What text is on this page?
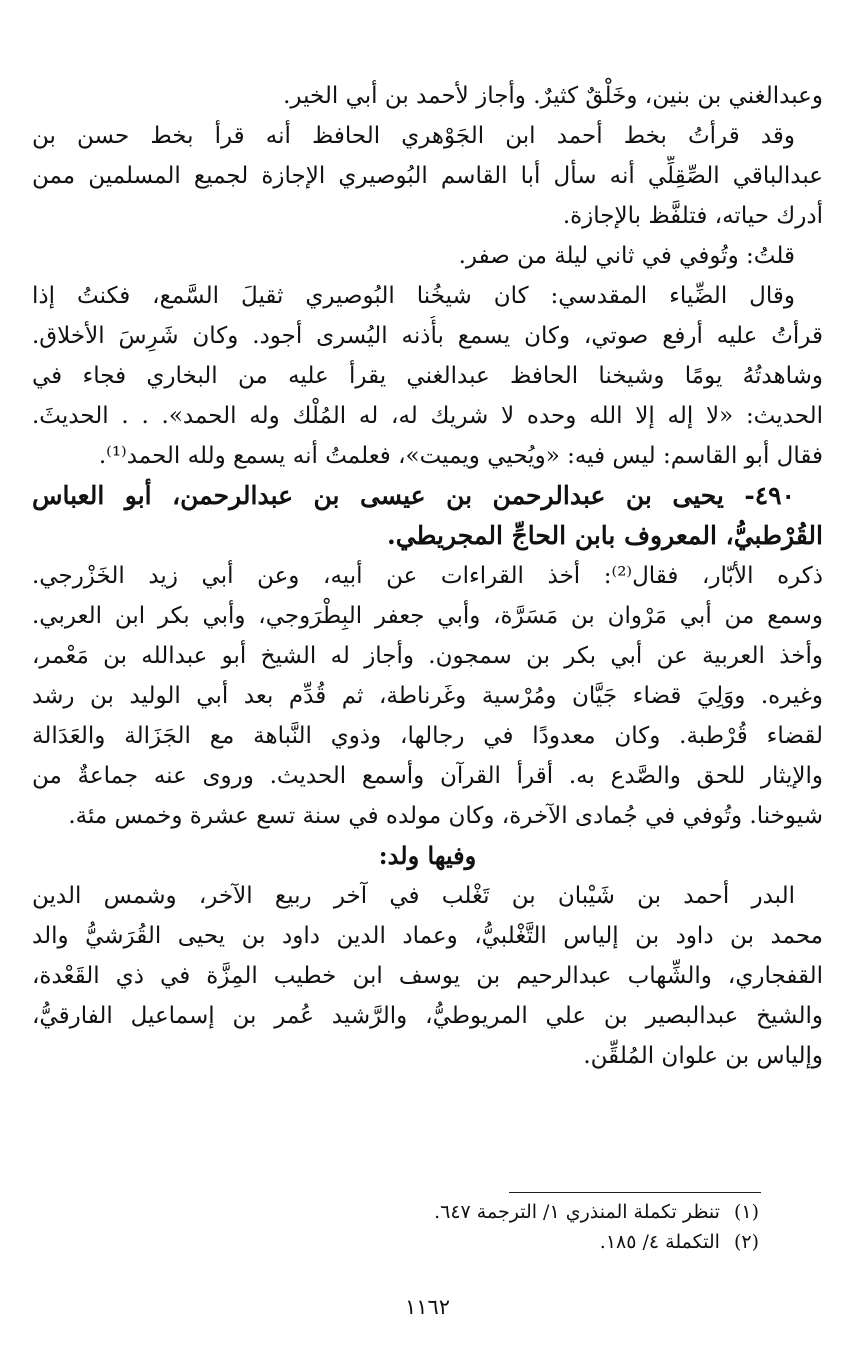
وعبدالغني بن بنين، وخَلْقٌ كثيرٌ. وأجاز لأحمد بن أبي الخير.
وقد قرأتُ بخط أحمد ابن الجَوْهري الحافظ أنه قرأ بخط حسن بن
عبدالباقي الصِّقِلِّي أنه سأل أبا القاسم البُوصيري الإجازة لجميع المسلمين ممن
أدرك حياته، فتلفَّظ بالإجازة.
قلتُ: وتُوفي في ثاني ليلة من صفر.
وقال الضِّياء المقدسي: كان شيخُنا البُوصيري ثقيلَ السَّمع، فكنتُ إذا
قرأتُ عليه أرفع صوتي، وكان يسمع بأُذنه اليُسرى أجود. وكان شَرِسَ الأخلاق.
وشاهدتُهُ يومًا وشيخنا الحافظ عبدالغني يقرأ عليه من البخاري فجاء في
الحديث: «لا إله إلا الله وحده لا شريك له، له المُلْك وله الحمد». . . الحديثَ.
فقال أبو القاسم: ليس فيه: «ويُحيي ويميت»، فعلمتُ أنه يسمع ولله الحمد⁽¹⁾.
٤٩٠- يحيى بن عبدالرحمن بن عيسى بن عبدالرحمن، أبو العباس
القُرْطبيُّ، المعروف بابن الحاجِّ المجريطي.
ذكره الأبّار، فقال⁽²⁾: أخذ القراءات عن أبيه، وعن أبي زيد الخَزْرجي.
وسمع من أبي مَرْوان بن مَسَرَّة، وأبي جعفر البِطْرَوجي، وأبي بكر ابن العربي.
وأخذ العربية عن أبي بكر بن سمجون. وأجاز له الشيخ أبو عبدالله بن مَعْمر،
وغيره. ووَلِيَ قضاء جَيَّان ومُرْسية وغَرناطة، ثم قُدِّم بعد أبي الوليد بن رشد
لقضاء قُرْطبة. وكان معدودًا في رجالها، وذوي النَّباهة مع الجَزَالة والعَدَالة
والإيثار للحق والصَّدع به. أقرأ القرآن وأسمع الحديث. وروى عنه جماعةٌ من
شيوخنا. وتُوفي في جُمادى الآخرة، وكان مولده في سنة تسع عشرة وخمس مئة.
وفيها ولد:
البدر أحمد بن شَيْبان بن تَغْلب في آخر ربيع الآخر، وشمس الدين
محمد بن داود بن إلياس التَّغْلبيُّ، وعماد الدين داود بن يحيى القُرَشيُّ والد
القفجاري، والشِّهاب عبدالرحيم بن يوسف ابن خطيب المِزَّة في ذي القَعْدة،
والشيخ عبدالبصير بن علي المريوطيُّ، والرَّشيد عُمر بن إسماعيل الفارقيُّ،
وإلياس بن علوان المُلقِّن.
(١)تنظر تكملة المنذري ١/ الترجمة ٦٤٧.
(٢)التكملة ٤/ ١٨٥.
١١٦٢
